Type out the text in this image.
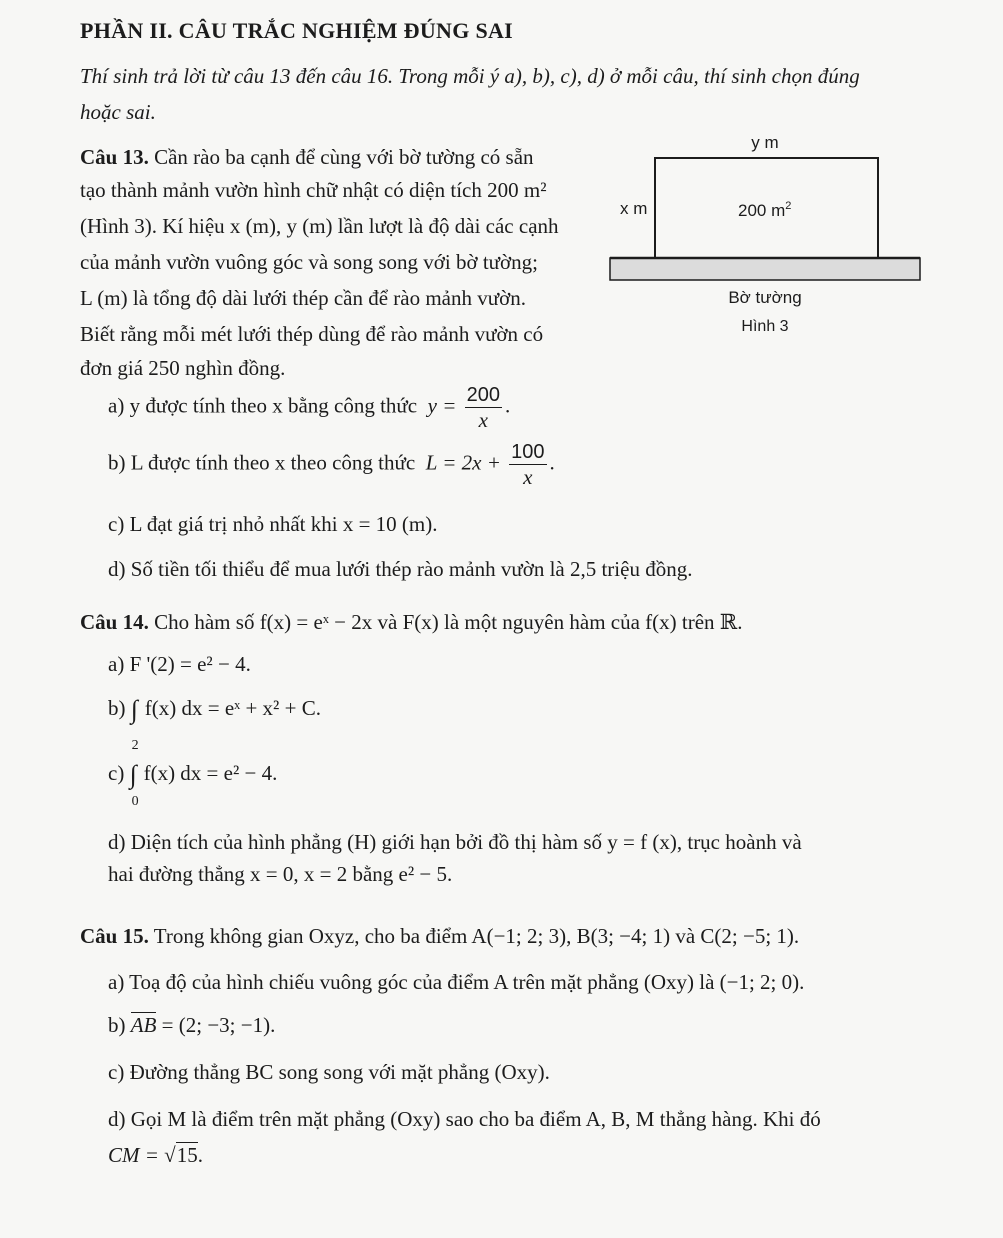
PHẦN II. CÂU TRẮC NGHIỆM ĐÚNG SAI
Thí sinh trả lời từ câu 13 đến câu 16. Trong mỗi ý a), b), c), d) ở mỗi câu, thí sinh chọn đúng
hoặc sai.
Câu 13. Cần rào ba cạnh để cùng với bờ tường có sẵn
tạo thành mảnh vườn hình chữ nhật có diện tích 200 m²
(Hình 3). Kí hiệu x (m), y (m) lần lượt là độ dài các cạnh
của mảnh vườn vuông góc và song song với bờ tường;
L (m) là tổng độ dài lưới thép cần để rào mảnh vườn.
Biết rằng mỗi mét lưới thép dùng để rào mảnh vườn có
đơn giá 250 nghìn đồng.
y m
x m	200 $m^2$
Bờ tường
Hình 3
a) y được tính theo x bằng công thức $y = \frac{200}{x}$ .
b) L được tính theo x theo công thức $L = 2x + \frac{100}{x}$ .
c) L đạt giá trị nhỏ nhất khi x = 10 (m).
d) Số tiền tối thiểu để mua lưới thép rào mảnh vườn là 2,5 triệu đồng.
Câu 14. Cho hàm số f(x) = eˣ − 2x và F(x) là một nguyên hàm của f(x) trên ℝ.
a) F '(2) = e² − 4.
b) ∫ f(x) dx = eˣ + x² + C.
c) ∫
2
0
f(x) dx = e² − 4.
d) Diện tích của hình phẳng (H) giới hạn bởi đồ thị hàm số y = f (x), trục hoành và
hai đường thẳng x = 0, x = 2 bằng e² − 5.
Câu 15. Trong không gian Oxyz, cho ba điểm A(−1; 2; 3), B(3; −4; 1) và C(2; −5; 1).
a) Toạ độ của hình chiếu vuông góc của điểm A trên mặt phẳng (Oxy) là (−1; 2; 0).
b) AB = (2; −3; −1).
c) Đường thẳng BC song song với mặt phẳng (Oxy).
d) Gọi M là điểm trên mặt phẳng (Oxy) sao cho ba điểm A, B, M thẳng hàng. Khi đó
CM = √15.
